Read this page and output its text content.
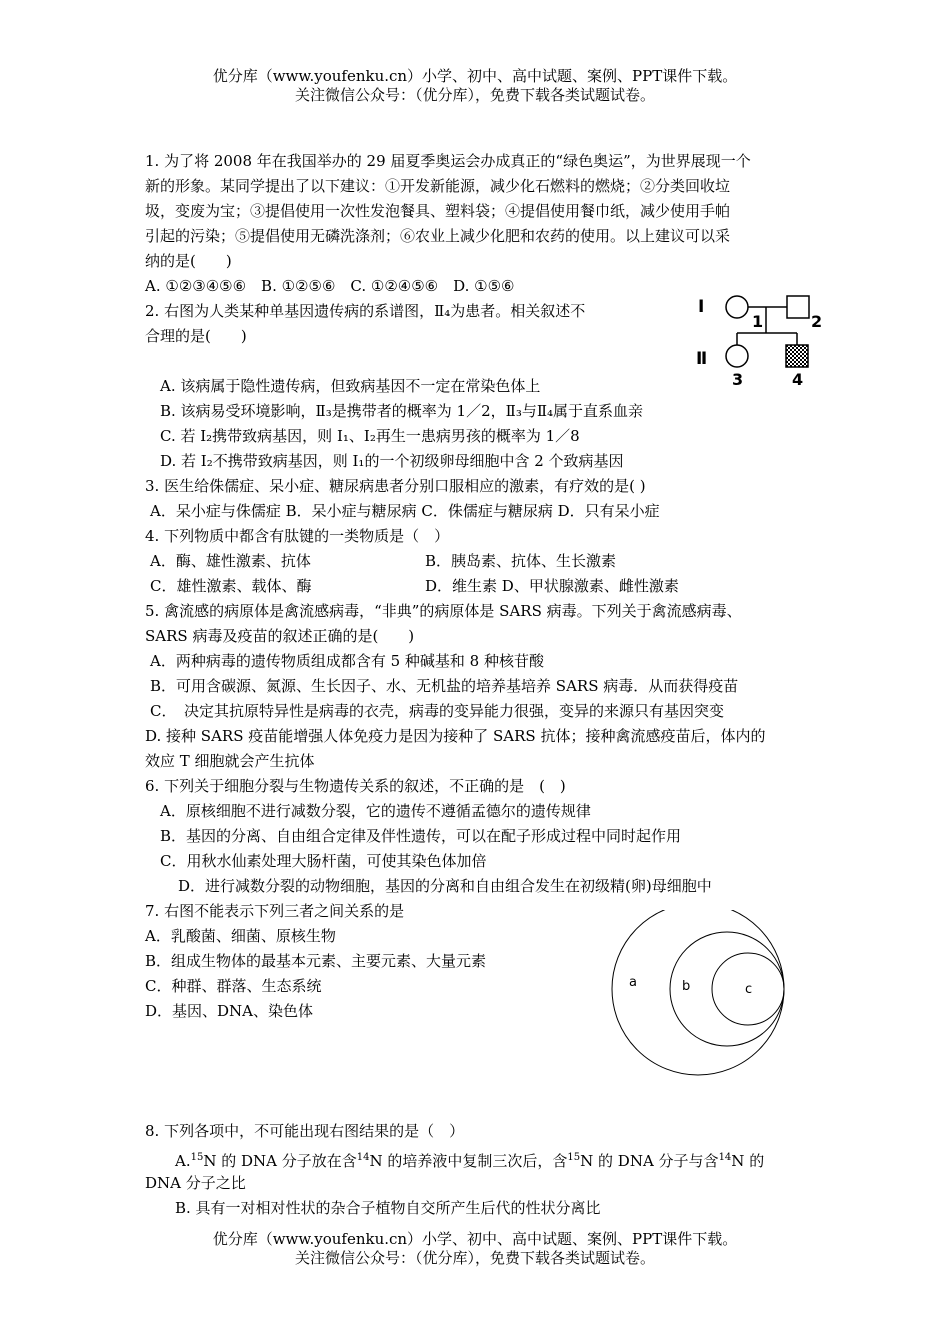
优分库（www.youfenku.cn）小学、初中、高中试题、案例、PPT课件下载。
关注微信公众号：（优分库），免费下载各类试题试卷。
1. 为了将 2008 年在我国举办的 29 届夏季奥运会办成真正的“绿色奥运”，为世界展现一个
新的形象。某同学提出了以下建议：①开发新能源，减少化石燃料的燃烧；②分类回收垃
圾，变废为宝；③提倡使用一次性发泡餐具、塑料袋；④提倡使用餐巾纸，减少使用手帕
引起的污染；⑤提倡使用无磷洗涤剂；⑥农业上减少化肥和农药的使用。以上建议可以采
纳的是(　　)
A. ①②③④⑤⑥　B. ①②⑤⑥　C. ①②④⑤⑥　D. ①⑤⑥
2. 右图为人类某种单基因遗传病的系谱图，Ⅱ₄为患者。相关叙述不
合理的是(　　)
I
1	2
Ⅱ
3	4
A. 该病属于隐性遗传病，但致病基因不一定在常染色体上
B. 该病易受环境影响，Ⅱ₃是携带者的概率为 1／2，Ⅱ₃与Ⅱ₄属于直系血亲
C. 若 I₂携带致病基因，则 I₁、I₂再生一患病男孩的概率为 1／8
D. 若 I₂不携带致病基因，则 I₁的一个初级卵母细胞中含 2 个致病基因
3. 医生给侏儒症、呆小症、糖尿病患者分别口服相应的激素，有疗效的是( )
A．呆小症与侏儒症 B．呆小症与糖尿病 C．侏儒症与糖尿病 D．只有呆小症
4. 下列物质中都含有肽键的一类物质是（　）
A．酶、雄性激素、抗体	B．胰岛素、抗体、生长激素
C．雄性激素、载体、酶	D．维生素 D、甲状腺激素、雌性激素
5. 禽流感的病原体是禽流感病毒，“非典”的病原体是 SARS 病毒。下列关于禽流感病毒、
SARS 病毒及疫苗的叙述正确的是(　　)
A．两种病毒的遗传物质组成都含有 5 种碱基和 8 种核苷酸
B．可用含碳源、氮源、生长因子、水、无机盐的培养基培养 SARS 病毒．从而获得疫苗
C．　决定其抗原特异性是病毒的衣壳，病毒的变异能力很强，变异的来源只有基因突变
D. 接种 SARS 疫苗能增强人体免疫力是因为接种了 SARS 抗体；接种禽流感疫苗后，体内的
效应 T 细胞就会产生抗体
6. 下列关于细胞分裂与生物遗传关系的叙述，不正确的是　(　)
A．原核细胞不进行减数分裂，它的遗传不遵循孟德尔的遗传规律
B．基因的分离、自由组合定律及伴性遗传，可以在配子形成过程中同时起作用
C．用秋水仙素处理大肠杆菌，可使其染色体加倍
D．进行减数分裂的动物细胞，基因的分离和自由组合发生在初级精(卵)母细胞中
7. 右图不能表示下列三者之间关系的是
A．乳酸菌、细菌、原核生物
B．组成生物体的最基本元素、主要元素、大量元素
C．种群、群落、生态系统
D．基因、DNA、染色体
a	b	c
8. 下列各项中，不可能出现右图结果的是（　）
A.$^{15}$N 的 DNA 分子放在含$^{14}$N 的培养液中复制三次后，含$^{15}$N 的 DNA 分子与含$^{14}$N 的
DNA 分子之比
B. 具有一对相对性状的杂合子植物自交所产生后代的性状分离比
优分库（www.youfenku.cn）小学、初中、高中试题、案例、PPT课件下载。
关注微信公众号：（优分库），免费下载各类试题试卷。
